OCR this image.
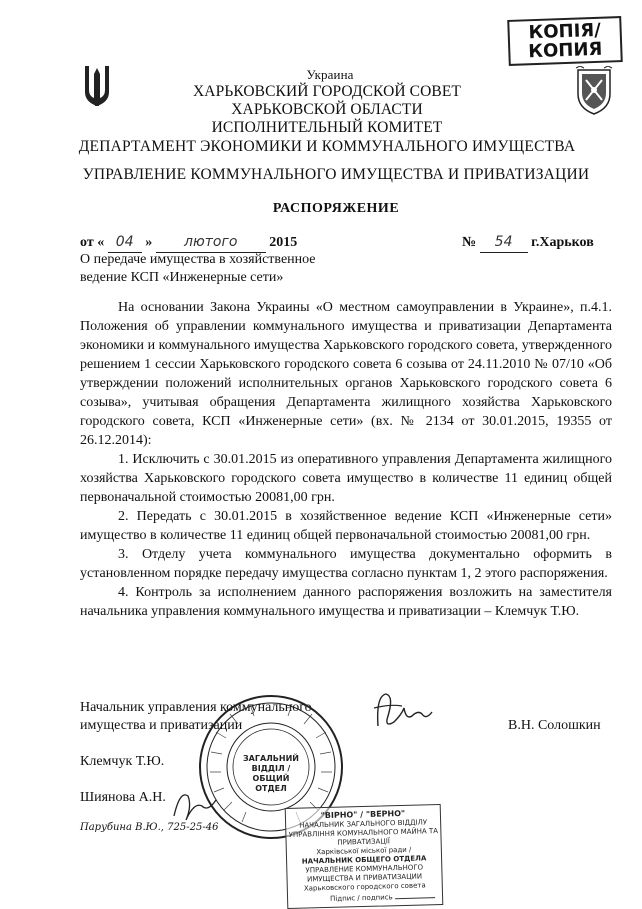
КОПІЯ/
КОПИЯ
Украина
ХАРЬКОВСКИЙ ГОРОДСКОЙ СОВЕТ
ХАРЬКОВСКОЙ ОБЛАСТИ
ИСПОЛНИТЕЛЬНЫЙ КОМИТЕТ
ДЕПАРТАМЕНТ ЭКОНОМИКИ И КОММУНАЛЬНОГО ИМУЩЕСТВА
УПРАВЛЕНИЕ КОММУНАЛЬНОГО ИМУЩЕСТВА И ПРИВАТИЗАЦИИ
РАСПОРЯЖЕНИЕ
от « 04 » лютого 2015	№ 54 г.Харьков
О передаче имущества в хозяйственное
ведение КСП «Инженерные сети»
На основании Закона Украины «О местном самоуправлении в Украине», п.4.1. Положения об управлении коммунального имущества и приватизации Департамента экономики и коммунального имущества Харьковского городского совета, утвержденного решением 1 сессии Харьковского городского совета 6 созыва от 24.11.2010 № 07/10 «Об утверждении положений исполнительных органов Харьковского городского совета 6 созыва», учитывая обращения Департамента жилищного хозяйства Харьковского городского совета, КСП «Инженерные сети» (вх. № 2134 от 30.01.2015, 19355 от 26.12.2014):
1. Исключить с 30.01.2015 из оперативного управления Департамента жилищного хозяйства Харьковского городского совета имущество в количестве 11 единиц общей первоначальной стоимостью 20081,00 грн.
2. Передать с 30.01.2015 в хозяйственное ведение КСП «Инженерные сети» имущество в количестве 11 единиц общей первоначальной стоимостью 20081,00 грн.
3. Отделу учета коммунального имущества документально оформить в установленном порядке передачу имущества согласно пунктам 1, 2 этого распоряжения.
4. Контроль за исполнением данного распоряжения возложить на заместителя начальника управления коммунального имущества и приватизации – Клемчук Т.Ю.
Начальник управления коммунального
имущества и приватизации	В.Н. Солошкин
Клемчук Т.Ю.
Шиянова А.Н.
Парубина В.Ю., 725-25-46
ЗАГАЛЬНИЙ ВІДДІЛ / ОБЩИЙ ОТДЕЛ
"ВІРНО" / "ВЕРНО"
НАЧАЛЬНИК ЗАГАЛЬНОГО ВІДДІЛУ
УПРАВЛІННЯ КОМУНАЛЬНОГО МАЙНА ТА ПРИВАТИЗАЦІЇ
Харківської міської ради /
НАЧАЛЬНИК ОБЩЕГО ОТДЕЛА
УПРАВЛЕНИЕ КОММУНАЛЬНОГО ИМУЩЕСТВА И ПРИВАТИЗАЦИИ
Харьковского городского совета
Підпис / подпись
